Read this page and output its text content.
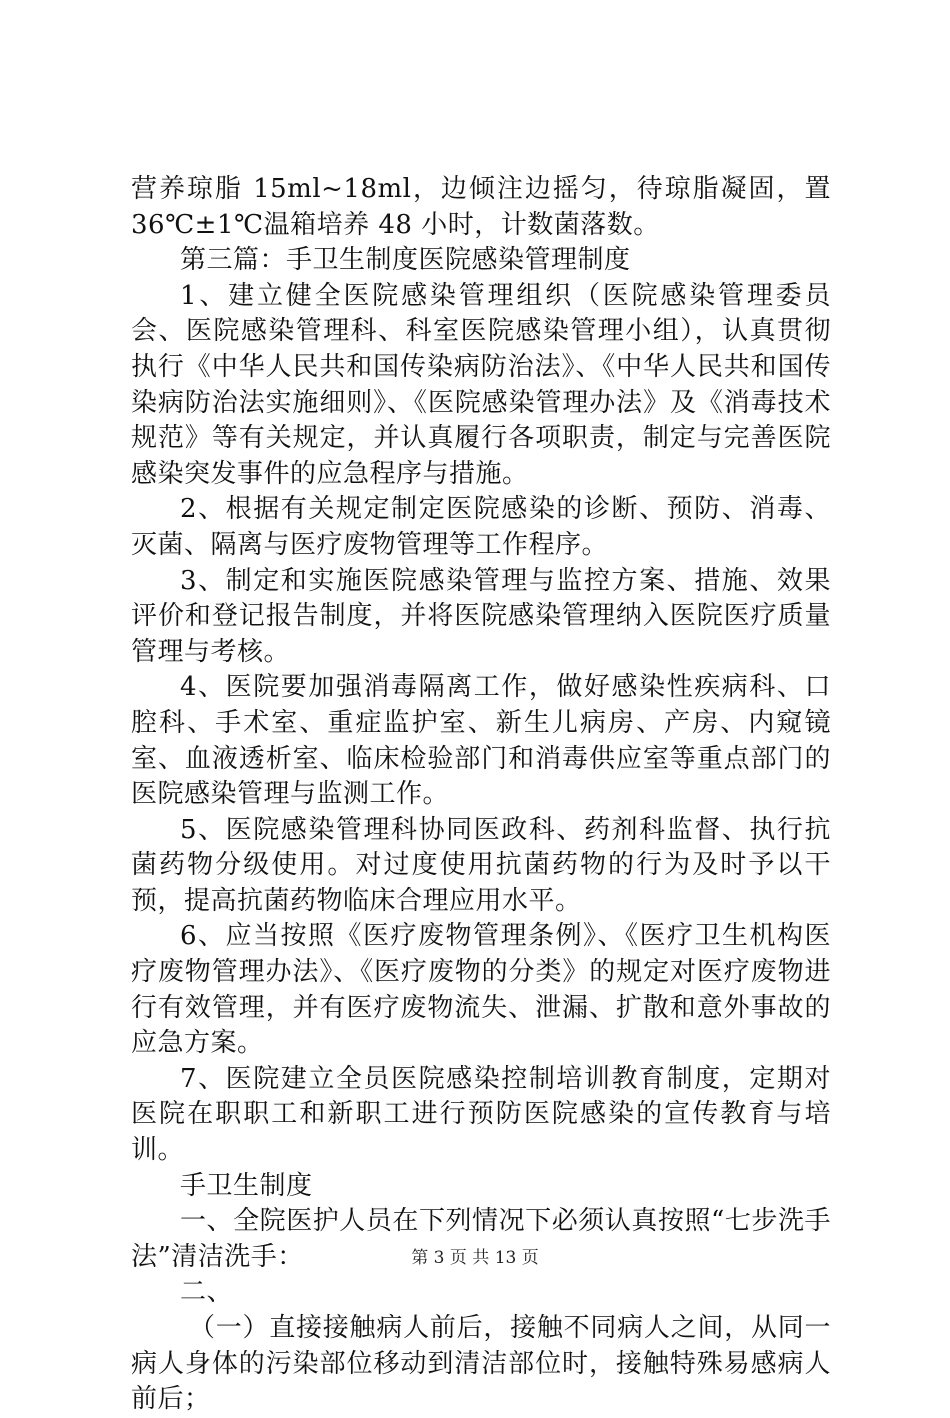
营养琼脂 15ml~18ml，边倾注边摇匀，待琼脂凝固，置 36℃±1℃温箱培养 48 小时，计数菌落数。

第三篇：手卫生制度医院感染管理制度

1、建立健全医院感染管理组织（医院感染管理委员会、医院感染管理科、科室医院感染管理小组），认真贯彻执行《中华人民共和国传染病防治法》、《中华人民共和国传染病防治法实施细则》、《医院感染管理办法》及《消毒技术规范》等有关规定，并认真履行各项职责，制定与完善医院感染突发事件的应急程序与措施。

2、根据有关规定制定医院感染的诊断、预防、消毒、灭菌、隔离与医疗废物管理等工作程序。

3、制定和实施医院感染管理与监控方案、措施、效果评价和登记报告制度，并将医院感染管理纳入医院医疗质量管理与考核。

4、医院要加强消毒隔离工作，做好感染性疾病科、口腔科、手术室、重症监护室、新生儿病房、产房、内窥镜室、血液透析室、临床检验部门和消毒供应室等重点部门的医院感染管理与监测工作。

5、医院感染管理科协同医政科、药剂科监督、执行抗菌药物分级使用。对过度使用抗菌药物的行为及时予以干预，提高抗菌药物临床合理应用水平。

6、应当按照《医疗废物管理条例》、《医疗卫生机构医疗废物管理办法》、《医疗废物的分类》的规定对医疗废物进行有效管理，并有医疗废物流失、泄漏、扩散和意外事故的应急方案。

7、医院建立全员医院感染控制培训教育制度，定期对医院在职职工和新职工进行预防医院感染的宣传教育与培训。

手卫生制度

一、全院医护人员在下列情况下必须认真按照“七步洗手法”清洁洗手：

二、

（一）直接接触病人前后，接触不同病人之间，从同一病人身体的污染部位移动到清洁部位时，接触特殊易感病人前后；

第 3 页 共 13 页
